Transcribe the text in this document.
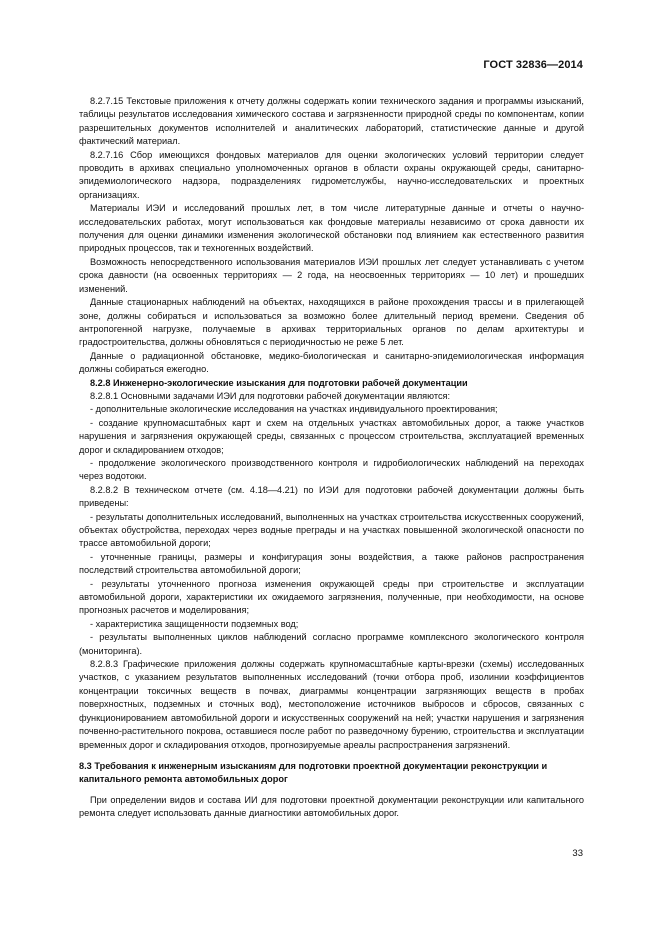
ГОСТ 32836—2014

8.2.7.15 Текстовые приложения к отчету должны содержать копии технического задания и программы изысканий, таблицы результатов исследования химического состава и загрязненности природной среды по компонентам, копии разрешительных документов исполнителей и аналитических лабораторий, статистические данные и другой фактический материал.

8.2.7.16 Сбор имеющихся фондовых материалов для оценки экологических условий территории следует проводить в архивах специально уполномоченных органов в области охраны окружающей среды, санитарно-эпидемиологического надзора, подразделениях гидрометслужбы, научно-исследовательских и проектных организациях.

Материалы ИЭИ и исследований прошлых лет, в том числе литературные данные и отчеты о научно-исследовательских работах, могут использоваться как фондовые материалы независимо от срока давности их получения для оценки динамики изменения экологической обстановки под влиянием как естественного развития природных процессов, так и техногенных воздействий.

Возможность непосредственного использования материалов ИЭИ прошлых лет следует устанавливать с учетом срока давности (на освоенных территориях — 2 года, на неосвоенных территориях — 10 лет) и прошедших изменений.

Данные стационарных наблюдений на объектах, находящихся в районе прохождения трассы и в прилегающей зоне, должны собираться и использоваться за возможно более длительный период времени. Сведения об антропогенной нагрузке, получаемые в архивах территориальных органов по делам архитектуры и градостроительства, должны обновляться с периодичностью не реже 5 лет.

Данные о радиационной обстановке, медико-биологическая и санитарно-эпидемиологическая информация должны собираться ежегодно.

8.2.8 Инженерно-экологические изыскания для подготовки рабочей документации

8.2.8.1 Основными задачами ИЭИ для подготовки рабочей документации являются:

- дополнительные экологические исследования на участках индивидуального проектирования;

- создание крупномасштабных карт и схем на отдельных участках автомобильных дорог, а также участков нарушения и загрязнения окружающей среды, связанных с процессом строительства, эксплуатацией временных дорог и складированием отходов;

- продолжение экологического производственного контроля и гидробиологических наблюдений на переходах через водотоки.

8.2.8.2 В техническом отчете (см. 4.18—4.21) по ИЭИ для подготовки рабочей документации должны быть приведены:

- результаты дополнительных исследований, выполненных на участках строительства искусственных сооружений, объектах обустройства, переходах через водные преграды и на участках повышенной экологической опасности по трассе автомобильной дороги;

- уточненные границы, размеры и конфигурация зоны воздействия, а также районов распространения последствий строительства автомобильной дороги;

- результаты уточненного прогноза изменения окружающей среды при строительстве и эксплуатации автомобильной дороги, характеристики их ожидаемого загрязнения, полученные, при необходимости, на основе прогнозных расчетов и моделирования;

- характеристика защищенности подземных вод;

- результаты выполненных циклов наблюдений согласно программе комплексного экологического контроля (мониторинга).

8.2.8.3 Графические приложения должны содержать крупномасштабные карты-врезки (схемы) исследованных участков, с указанием результатов выполненных исследований (точки отбора проб, изолинии коэффициентов концентрации токсичных веществ в почвах, диаграммы концентрации загрязняющих веществ в пробах поверхностных, подземных и сточных вод), местоположение источников выбросов и сбросов, связанных с функционированием автомобильной дороги и искусственных сооружений на ней; участки нарушения и загрязнения почвенно-растительного покрова, оставшиеся после работ по разведочному бурению, строительства и эксплуатации временных дорог и складирования отходов, прогнозируемые ареалы распространения загрязнений.

8.3 Требования к инженерным изысканиям для подготовки проектной документации реконструкции и капитального ремонта автомобильных дорог

При определении видов и состава ИИ для подготовки проектной документации реконструкции или капитального ремонта следует использовать данные диагностики автомобильных дорог.

33
